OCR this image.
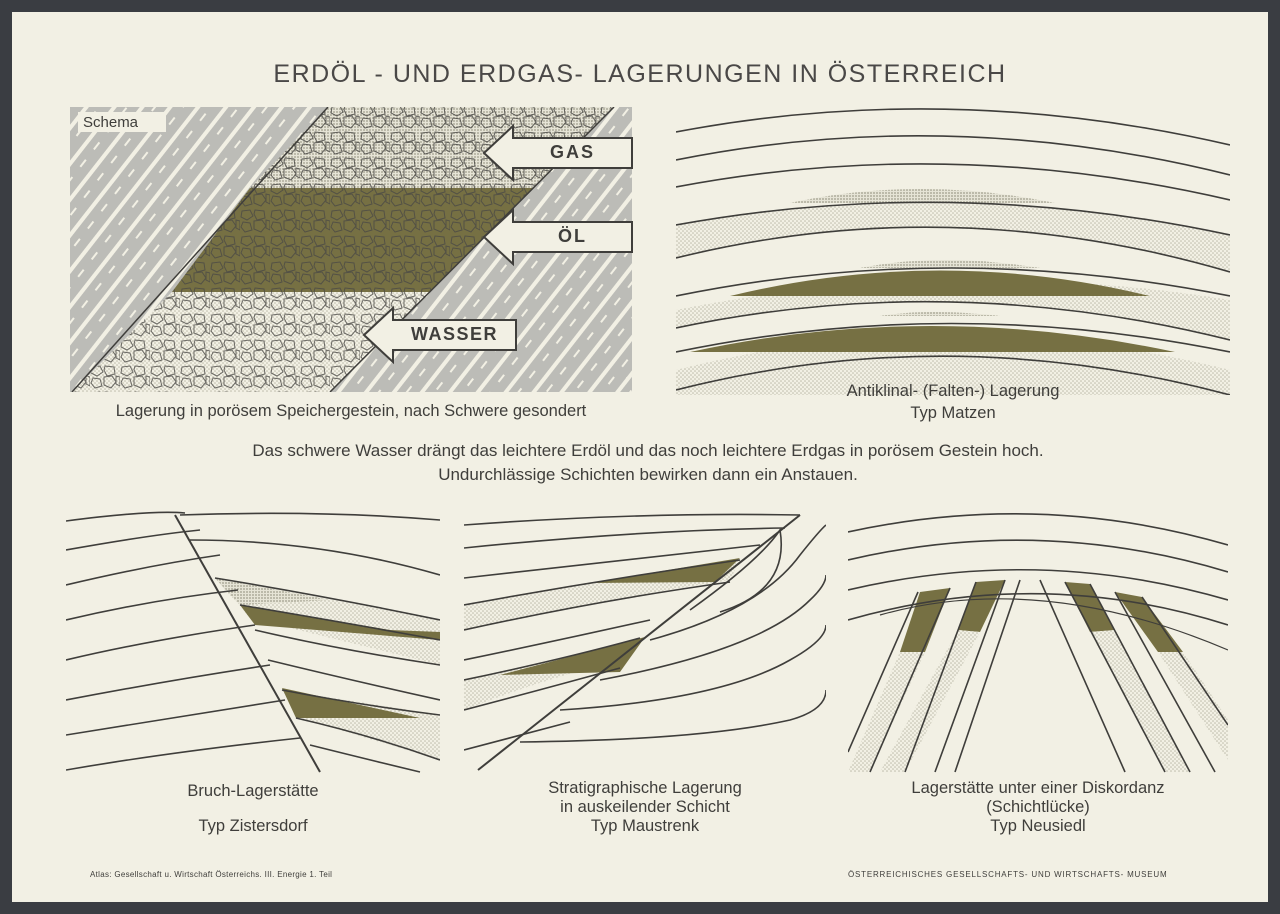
ERDÖL - UND ERDGAS- LAGERUNGEN IN ÖSTERREICH
Schema
GAS
ÖL
WASSER
Lagerung in porösem Speichergestein, nach Schwere gesondert
Antiklinal- (Falten-) Lagerung
Typ Matzen
Das schwere Wasser drängt das leichtere Erdöl und das noch leichtere Erdgas in porösem Gestein hoch.
Undurchlässige Schichten bewirken dann ein Anstauen.
Bruch-Lagerstätte
Typ Zistersdorf
Stratigraphische Lagerung
in auskeilender Schicht
Typ Maustrenk
Lagerstätte unter einer Diskordanz
(Schichtlücke)
Typ Neusiedl
Atlas: Gesellschaft u. Wirtschaft Österreichs. III. Energie 1. Teil	ÖSTERREICHISCHES GESELLSCHAFTS- UND WIRTSCHAFTS- MUSEUM
